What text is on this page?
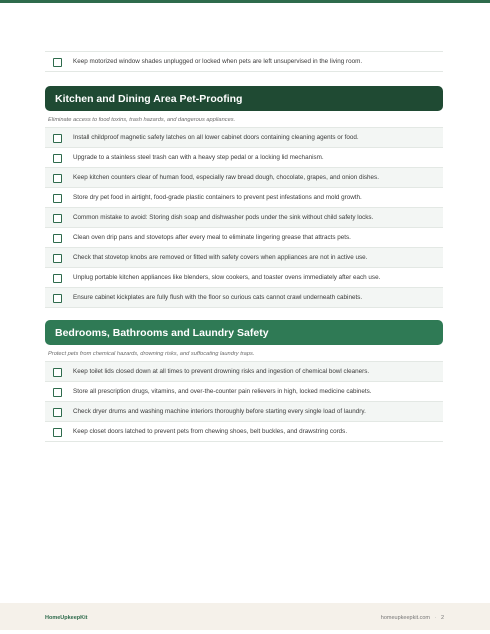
Keep motorized window shades unplugged or locked when pets are left unsupervised in the living room.
Kitchen and Dining Area Pet-Proofing
Eliminate access to food toxins, trash hazards, and dangerous appliances.
Install childproof magnetic safety latches on all lower cabinet doors containing cleaning agents or food.
Upgrade to a stainless steel trash can with a heavy step pedal or a locking lid mechanism.
Keep kitchen counters clear of human food, especially raw bread dough, chocolate, grapes, and onion dishes.
Store dry pet food in airtight, food-grade plastic containers to prevent pest infestations and mold growth.
Common mistake to avoid: Storing dish soap and dishwasher pods under the sink without child safety locks.
Clean oven drip pans and stovetops after every meal to eliminate lingering grease that attracts pets.
Check that stovetop knobs are removed or fitted with safety covers when appliances are not in active use.
Unplug portable kitchen appliances like blenders, slow cookers, and toaster ovens immediately after each use.
Ensure cabinet kickplates are fully flush with the floor so curious cats cannot crawl underneath cabinets.
Bedrooms, Bathrooms and Laundry Safety
Protect pets from chemical hazards, drowning risks, and suffocating laundry traps.
Keep toilet lids closed down at all times to prevent drowning risks and ingestion of chemical bowl cleaners.
Store all prescription drugs, vitamins, and over-the-counter pain relievers in high, locked medicine cabinets.
Check dryer drums and washing machine interiors thoroughly before starting every single load of laundry.
Keep closet doors latched to prevent pets from chewing shoes, belt buckles, and drawstring cords.
HomeUpkeepKit	homeupkeepkit.com · 2
